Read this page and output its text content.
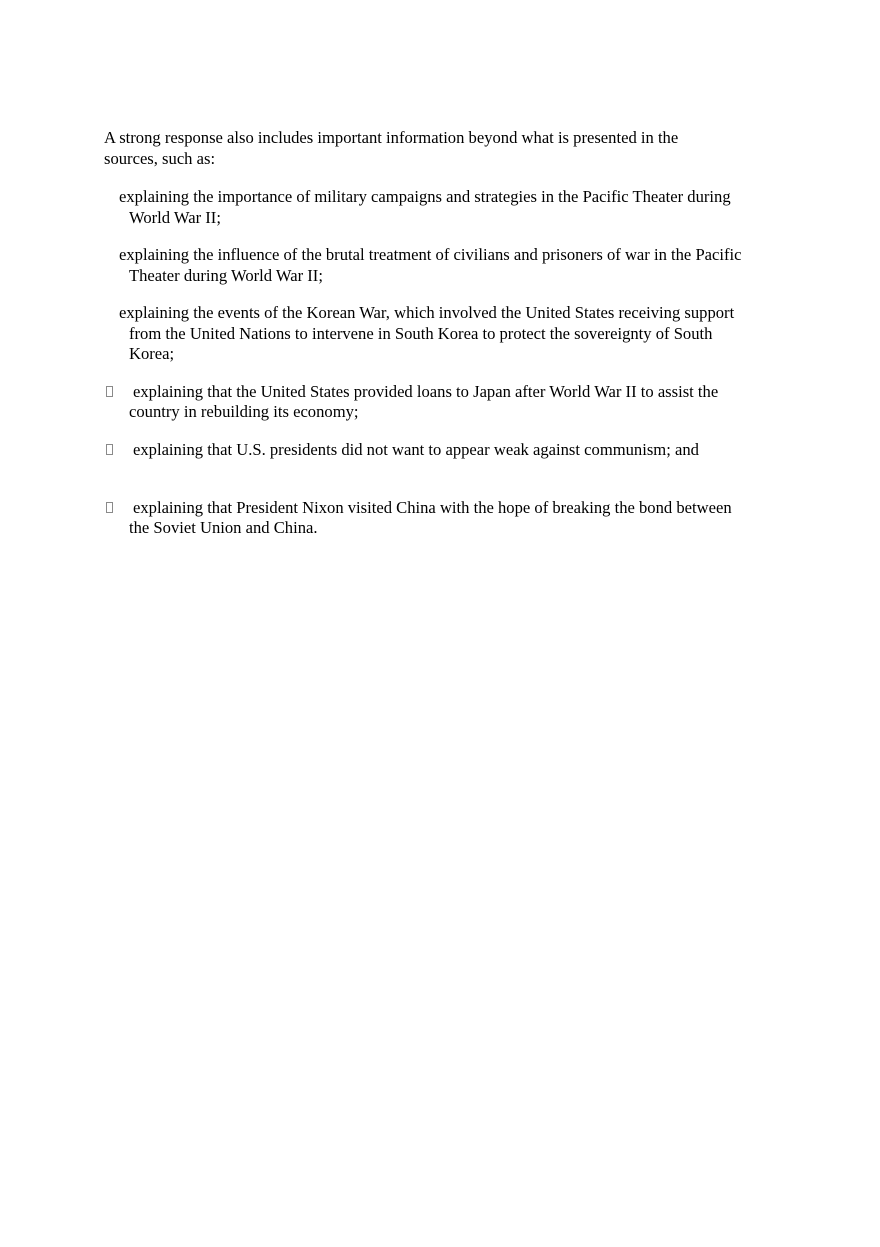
A strong response also includes important information beyond what is presented in the sources, such as:

explaining the importance of military campaigns and strategies in the Pacific Theater during World War II;
explaining the influence of the brutal treatment of civilians and prisoners of war in the Pacific Theater during World War II;
explaining the events of the Korean War, which involved the United States receiving support from the United Nations to intervene in South Korea to protect the sovereignty of South Korea;
explaining that the United States provided loans to Japan after World War II to assist the country in rebuilding its economy;
explaining that U.S. presidents did not want to appear weak against communism; and
explaining that President Nixon visited China with the hope of breaking the bond between the Soviet Union and China.
